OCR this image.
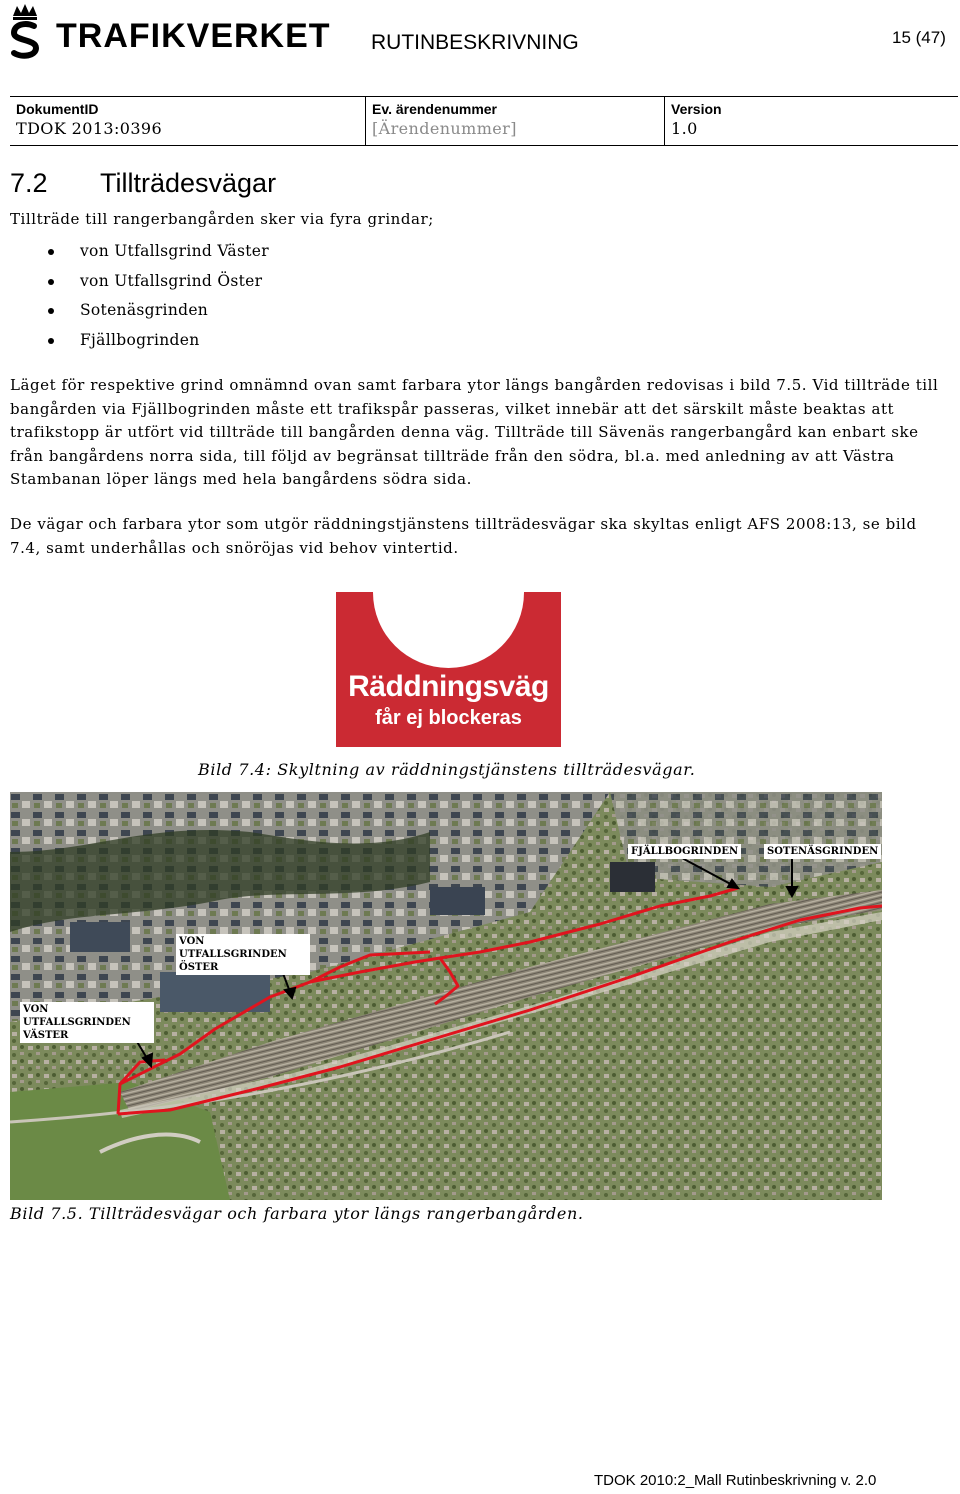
TRAFIKVERKET RUTINBESKRIVNING	15 (47)
DokumentID
TDOK 2013:0396
Ev. ärendenummer
[Ärendenummer]
Version
1.0
7.2 Tillträdesvägar
Tillträde till rangerbangården sker via fyra grindar;
von Utfallsgrind Väster
von Utfallsgrind Öster
Sotenäsgrinden
Fjällbogrinden
Läget för respektive grind omnämnd ovan samt farbara ytor längs bangården redovisas i bild 7.5. Vid tillträde till bangården via Fjällbogrinden måste ett trafikspår passeras, vilket innebär att det särskilt måste beaktas att trafikstopp är utfört vid tillträde till bangården denna väg. Tillträde till Sävenäs rangerbangård kan enbart ske från bangårdens norra sida, till följd av begränsat tillträde från den södra, bl.a. med anledning av att Västra Stambanan löper längs med hela bangårdens södra sida.
De vägar och farbara ytor som utgör räddningstjänstens tillträdesvägar ska skyltas enligt AFS 2008:13, se bild 7.4, samt underhållas och snöröjas vid behov vintertid.
Räddningsväg
får ej blockeras
Bild 7.4: Skyltning av räddningstjänstens tillträdesvägar.
FJÄLLBOGRINDEN	SOTENÄSGRINDEN
VON UTFALLSGRINDEN
ÖSTER
VON UTFALLSGRINDEN
VÄSTER
Bild 7.5. Tillträdesvägar och farbara ytor längs rangerbangården.
TDOK 2010:2_Mall Rutinbeskrivning v. 2.0
